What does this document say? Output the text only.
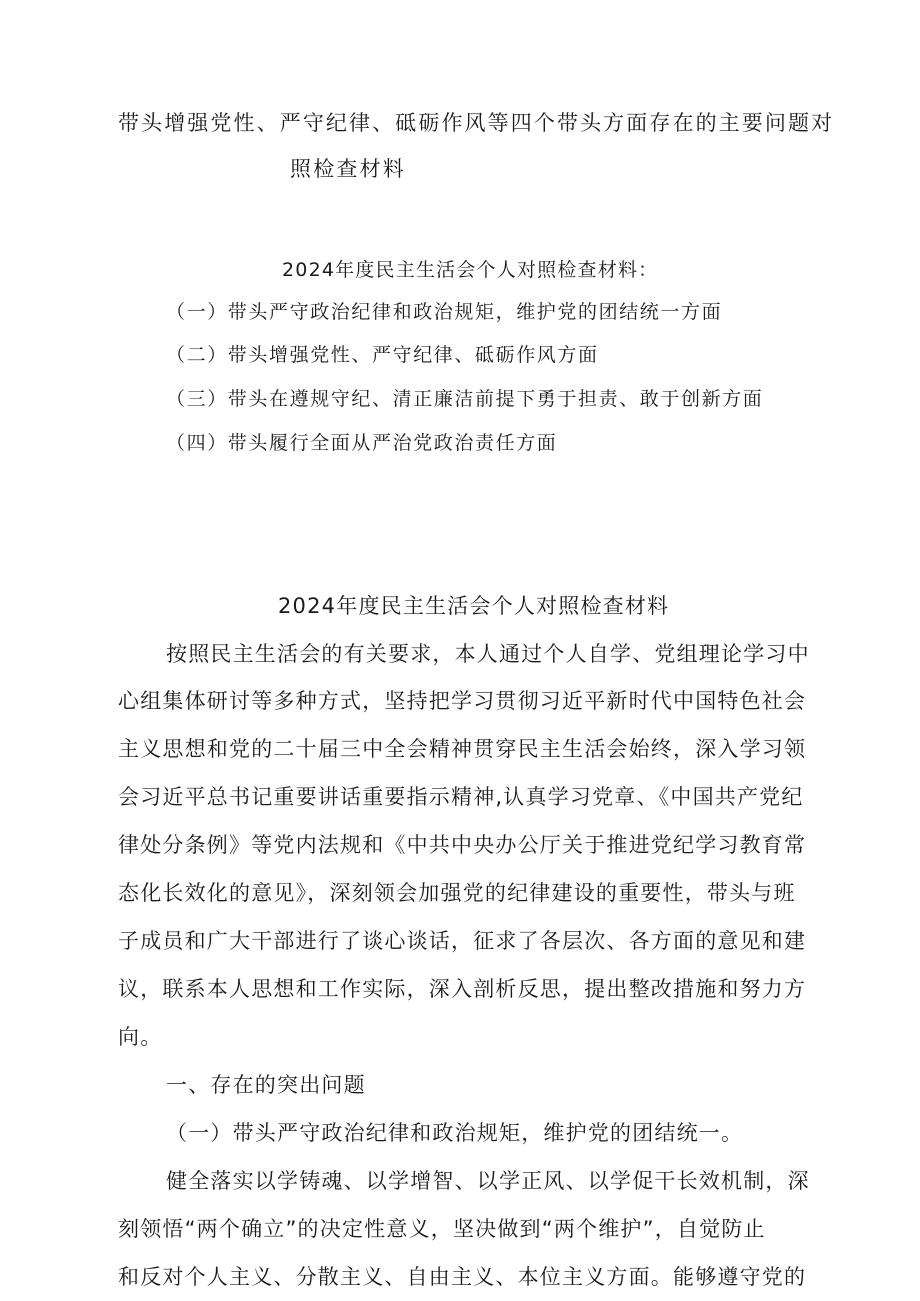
带头增强党性、严守纪律、砥砺作风等四个带头方面存在的主要问题对
照检查材料
2024年度民主生活会个人对照检查材料：
（一）带头严守政治纪律和政治规矩，维护党的团结统一方面
（二）带头增强党性、严守纪律、砥砺作风方面
（三）带头在遵规守纪、清正廉洁前提下勇于担责、敢于创新方面
（四）带头履行全面从严治党政治责任方面
2024年度民主生活会个人对照检查材料
按照民主生活会的有关要求，本人通过个人自学、党组理论学习中
心组集体研讨等多种方式，坚持把学习贯彻习近平新时代中国特色社会
主义思想和党的二十届三中全会精神贯穿民主生活会始终，深入学习领
会习近平总书记重要讲话重要指示精神,认真学习党章、《中国共产党纪
律处分条例》等党内法规和《中共中央办公厅关于推进党纪学习教育常
态化长效化的意见》，深刻领会加强党的纪律建设的重要性，带头与班
子成员和广大干部进行了谈心谈话，征求了各层次、各方面的意见和建
议，联系本人思想和工作实际，深入剖析反思，提出整改措施和努力方
向。
一、存在的突出问题
（一）带头严守政治纪律和政治规矩，维护党的团结统一。
健全落实以学铸魂、以学增智、以学正风、以学促干长效机制，深
刻领悟“两个确立”的决定性意义，坚决做到“两个维护”，自觉防止
和反对个人主义、分散主义、自由主义、本位主义方面。能够遵守党的
